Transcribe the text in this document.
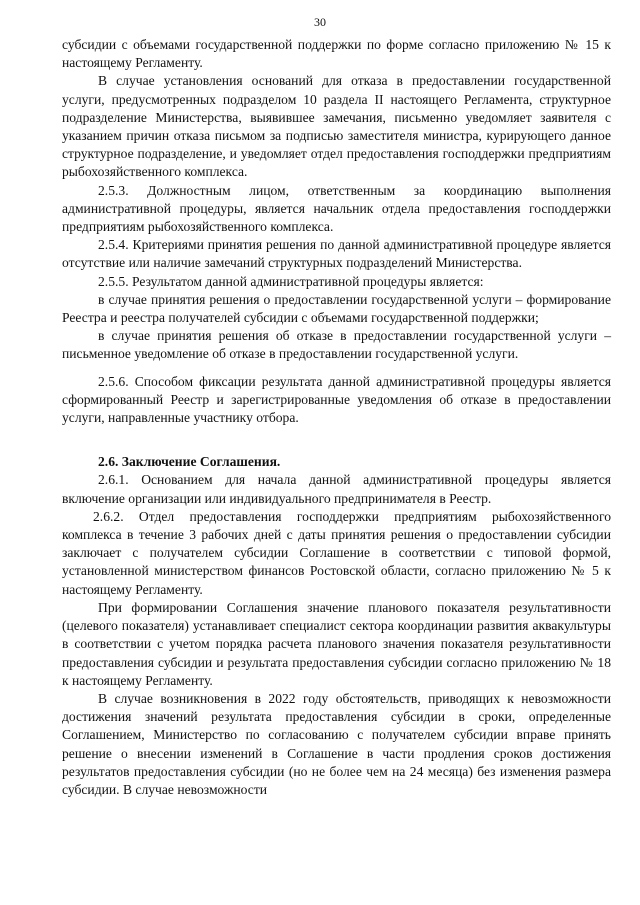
30

субсидии с объемами государственной поддержки по форме согласно приложению № 15 к настоящему Регламенту.

В случае установления оснований для отказа в предоставлении государственной услуги, предусмотренных подразделом 10 раздела II настоящего Регламента, структурное подразделение Министерства, выявившее замечания, письменно уведомляет заявителя с указанием причин отказа письмом за подписью заместителя министра, курирующего данное структурное подразделение, и уведомляет отдел предоставления господдержки предприятиям рыбохозяйственного комплекса.

2.5.3. Должностным лицом, ответственным за координацию выполнения административной процедуры, является начальник отдела предоставления господдержки предприятиям рыбохозяйственного комплекса.

2.5.4. Критериями принятия решения по данной административной процедуре является отсутствие или наличие замечаний структурных подразделений Министерства.

2.5.5. Результатом данной административной процедуры является:

в случае принятия решения о предоставлении государственной услуги – формирование Реестра и реестра получателей субсидии с объемами государственной поддержки;

в случае принятия решения об отказе в предоставлении государственной услуги – письменное уведомление об отказе в предоставлении государственной услуги.

2.5.6. Способом фиксации результата данной административной процедуры является сформированный Реестр и зарегистрированные уведомления об отказе в предоставлении услуги, направленные участнику отбора.

2.6. Заключение Соглашения.

2.6.1. Основанием для начала данной административной процедуры является включение организации или индивидуального предпринимателя в Реестр.

2.6.2. Отдел предоставления господдержки предприятиям рыбохозяйственного комплекса в течение 3 рабочих дней с даты принятия решения о предоставлении субсидии заключает с получателем субсидии Соглашение в соответствии с типовой формой, установленной министерством финансов Ростовской области, согласно приложению № 5 к настоящему Регламенту.

При формировании Соглашения значение планового показателя результативности (целевого показателя) устанавливает специалист сектора координации развития аквакультуры в соответствии с учетом порядка расчета планового значения показателя результативности предоставления субсидии и результата предоставления субсидии согласно приложению № 18 к настоящему Регламенту.

В случае возникновения в 2022 году обстоятельств, приводящих к невозможности достижения значений результата предоставления субсидии в сроки, определенные Соглашением, Министерство по согласованию с получателем субсидии вправе принять решение о внесении изменений в Соглашение в части продления сроков достижения результатов предоставления субсидии (но не более чем на 24 месяца) без изменения размера субсидии. В случае невозможности
